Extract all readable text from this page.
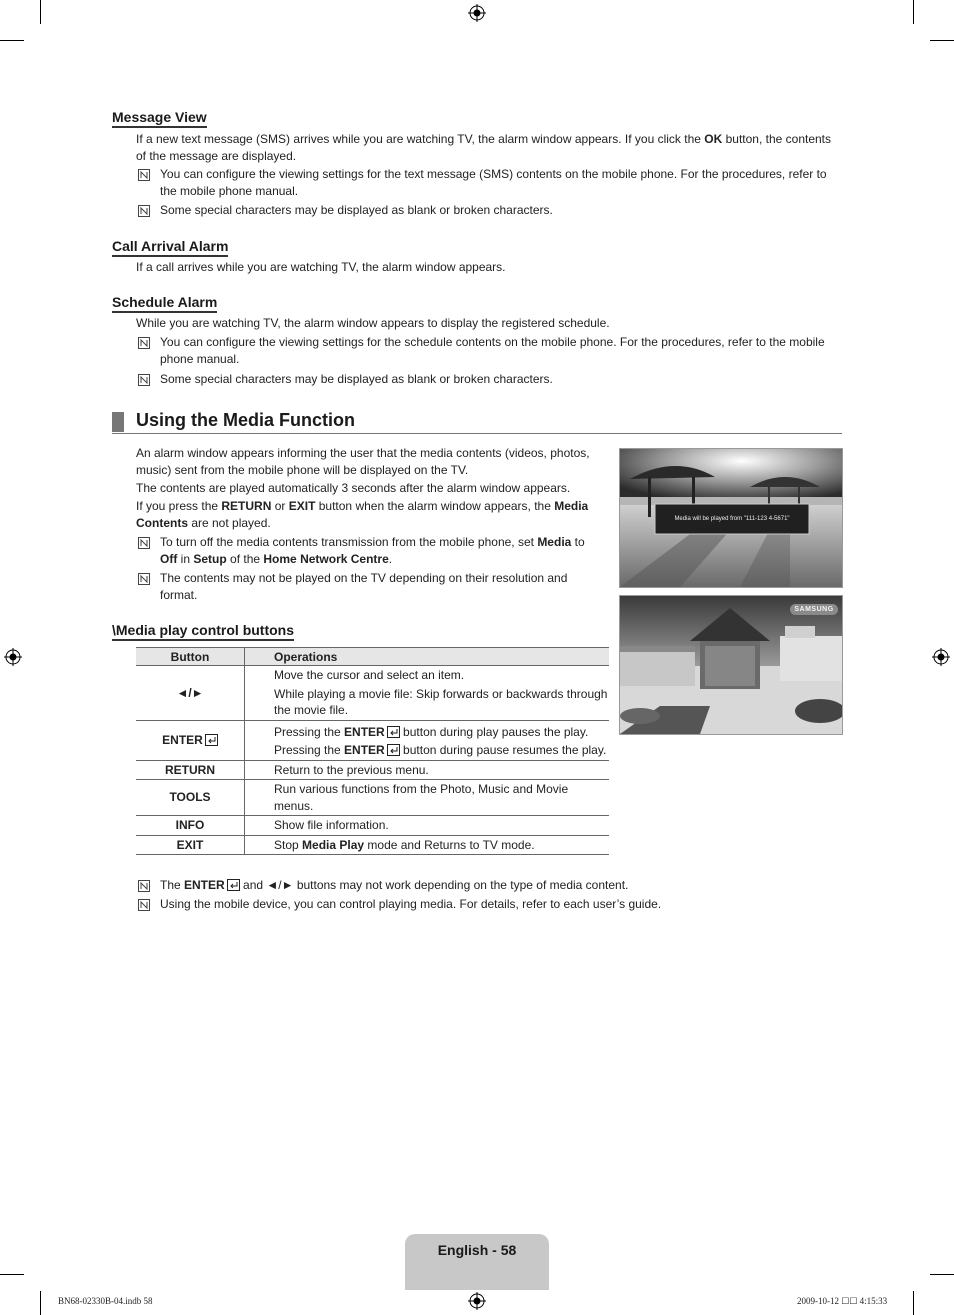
Message View
If a new text message (SMS) arrives while you are watching TV, the alarm window appears. If you click the OK button, the contents of the message are displayed.
You can configure the viewing settings for the text message (SMS) contents on the mobile phone. For the procedures, refer to the mobile phone manual.
Some special characters may be displayed as blank or broken characters.
Call Arrival Alarm
If a call arrives while you are watching TV, the alarm window appears.
Schedule Alarm
While you are watching TV, the alarm window appears to display the registered schedule.
You can configure the viewing settings for the schedule contents on the mobile phone. For the procedures, refer to the mobile phone manual.
Some special characters may be displayed as blank or broken characters.
Using the Media Function
An alarm window appears informing the user that the media contents (videos, photos, music) sent from the mobile phone will be displayed on the TV.
The contents are played automatically 3 seconds after the alarm window appears.
If you press the RETURN or EXIT button when the alarm window appears, the Media Contents are not played.
To turn off the media contents transmission from the mobile phone, set Media to Off in Setup of the Home Network Centre.
The contents may not be played on the TV depending on their resolution and format.
Media will be played from "111-123 4-5671"
SAMSUNG
\Media play control buttons
Button	Operations
◄/►	Move the cursor and select an item.
While playing a movie file: Skip forwards or backwards through the movie file.
ENTER	Pressing the ENTER button during play pauses the play.
Pressing the ENTER button during pause resumes the play.
RETURN	Return to the previous menu.
TOOLS	Run various functions from the Photo, Music and Movie menus.
INFO	Show file information.
EXIT	Stop Media Play mode and Returns to TV mode.
The ENTER and ◄/► buttons may not work depending on the type of media content.
Using the mobile device, you can control playing media. For details, refer to each user’s guide.
English - 58
BN68-02330B-04.indb 58	2009-10-12 ☐☐ 4:15:33
